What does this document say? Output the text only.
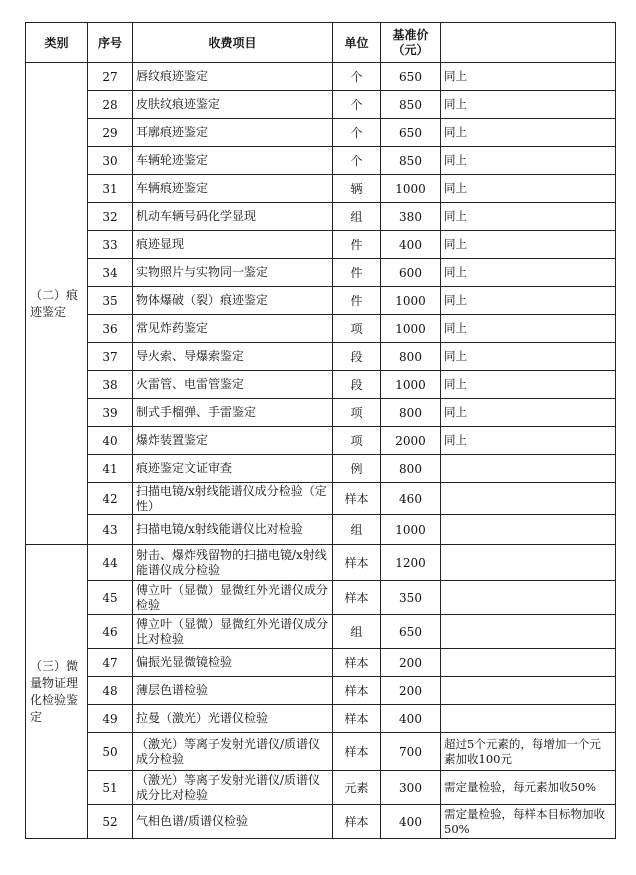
类别	序号	收费项目	单位	基准价
（元）	

（二）痕迹鉴定	27	唇纹痕迹鉴定	个	650	同上
	28	皮肤纹痕迹鉴定	个	850	同上
	29	耳廓痕迹鉴定	个	650	同上
	30	车辆轮迹鉴定	个	850	同上
	31	车辆痕迹鉴定	辆	1000	同上
	32	机动车辆号码化学显现	组	380	同上
	33	痕迹显现	件	400	同上
	34	实物照片与实物同一鉴定	件	600	同上
	35	物体爆破（裂）痕迹鉴定	件	1000	同上
	36	常见炸药鉴定	项	1000	同上
	37	导火索、导爆索鉴定	段	800	同上
	38	火雷管、电雷管鉴定	段	1000	同上
	39	制式手榴弹、手雷鉴定	项	800	同上
	40	爆炸装置鉴定	项	2000	同上
	41	痕迹鉴定文证审查	例	800	
	42	扫描电镜/x射线能谱仪成分检验（定性）	样本	460	
	43	扫描电镜/x射线能谱仪比对检验	组	1000	
（三）微量物证理化检验鉴定	44	射击、爆炸残留物的扫描电镜/x射线能谱仪成分检验	样本	1200	
	45	傅立叶（显微）显微红外光谱仪成分检验	样本	350	
	46	傅立叶（显微）显微红外光谱仪成分比对检验	组	650	
	47	偏振光显微镜检验	样本	200	
	48	薄层色谱检验	样本	200	
	49	拉曼（激光）光谱仪检验	样本	400	
	50	（激光）等离子发射光谱仪/质谱仪成分检验	样本	700	超过5个元素的，每增加一个元素加收100元
	51	（激光）等离子发射光谱仪/质谱仪成分比对检验	元素	300	需定量检验，每元素加收50%
	52	气相色谱/质谱仪检验	样本	400	需定量检验，每样本目标物加收50%
